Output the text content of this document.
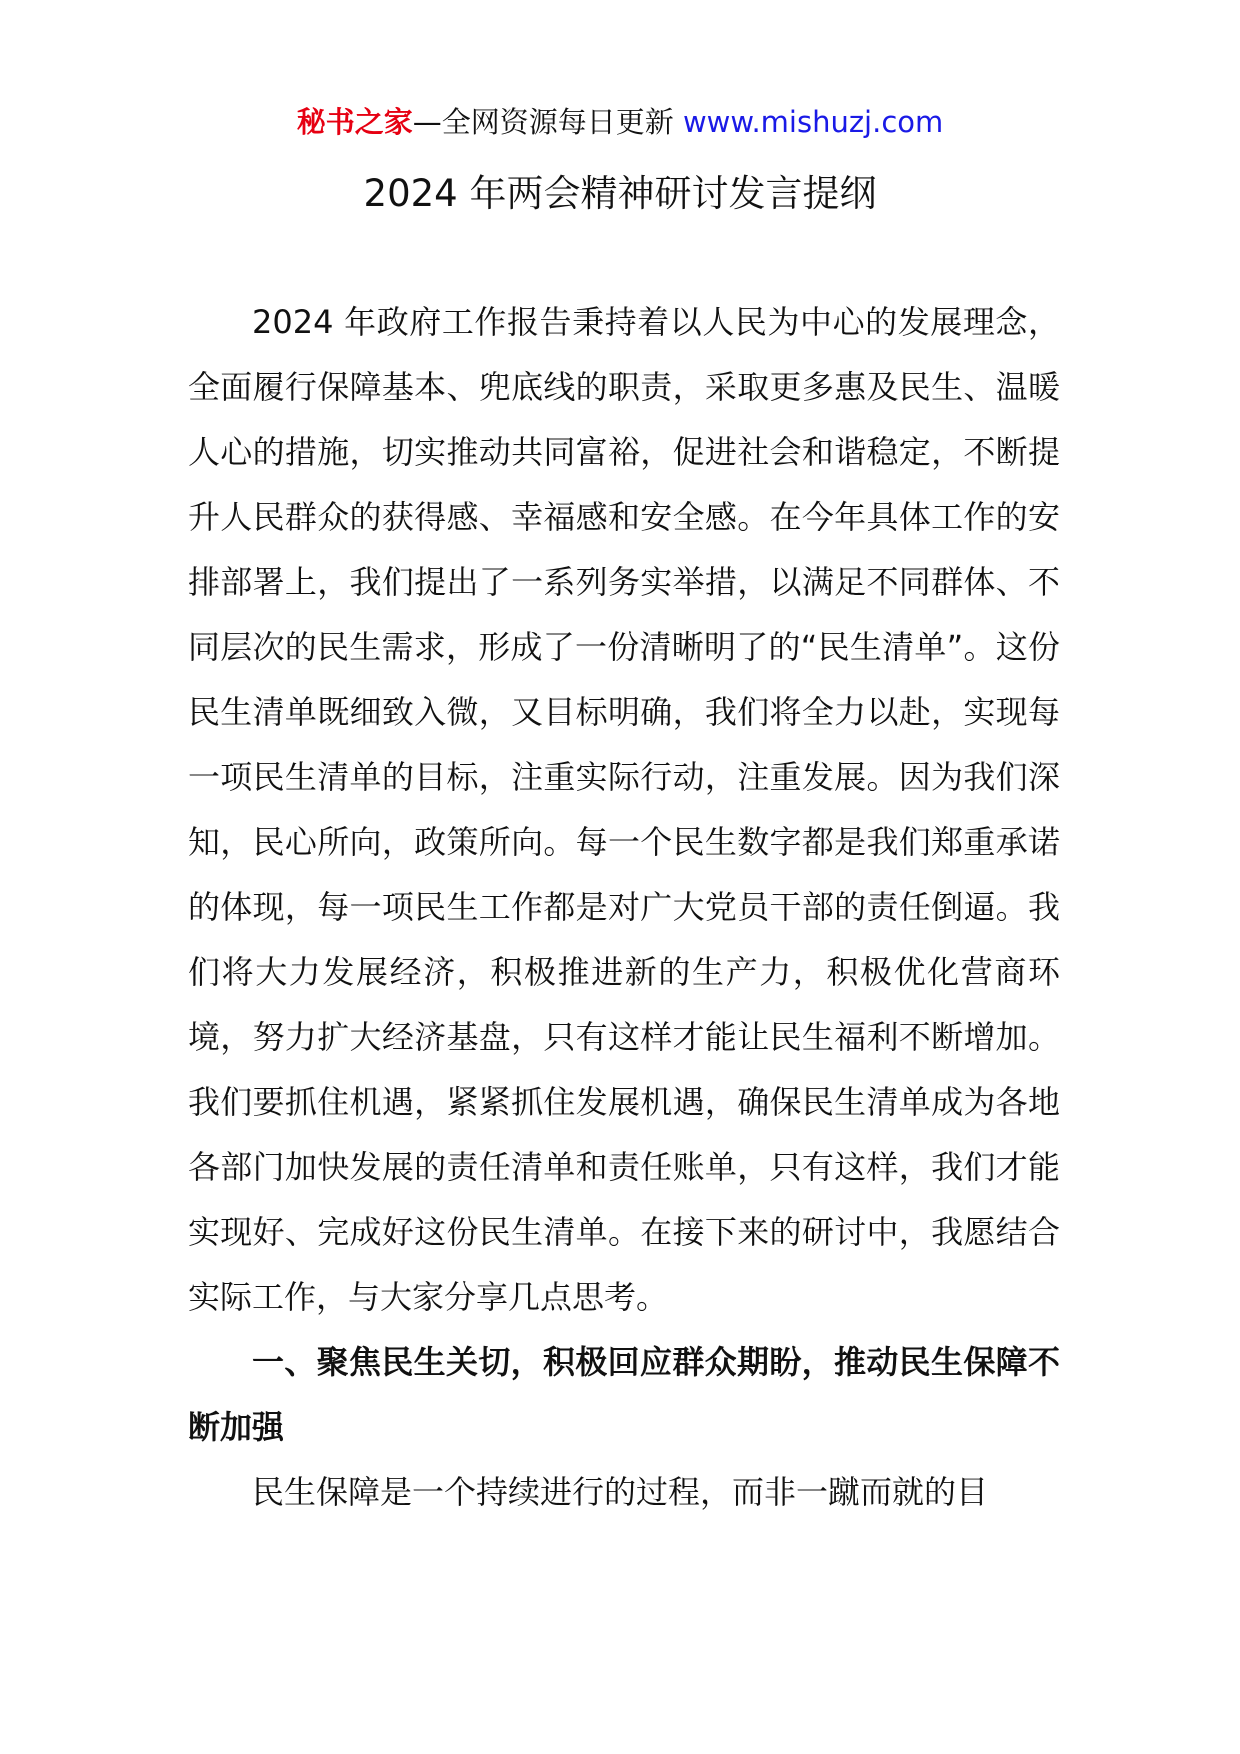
秘书之家—全网资源每日更新 www.mishuzj.com
2024 年两会精神研讨发言提纲

2024 年政府工作报告秉持着以人民为中心的发展理念，全面履行保障基本、兜底线的职责，采取更多惠及民生、温暖人心的措施，切实推动共同富裕，促进社会和谐稳定，不断提升人民群众的获得感、幸福感和安全感。在今年具体工作的安排部署上，我们提出了一系列务实举措，以满足不同群体、不同层次的民生需求，形成了一份清晰明了的“民生清单”。这份民生清单既细致入微，又目标明确，我们将全力以赴，实现每一项民生清单的目标，注重实际行动，注重发展。因为我们深知，民心所向，政策所向。每一个民生数字都是我们郑重承诺的体现，每一项民生工作都是对广大党员干部的责任倒逼。我们将大力发展经济，积极推进新的生产力，积极优化营商环境，努力扩大经济基盘，只有这样才能让民生福利不断增加。我们要抓住机遇，紧紧抓住发展机遇，确保民生清单成为各地各部门加快发展的责任清单和责任账单，只有这样，我们才能实现好、完成好这份民生清单。在接下来的研讨中，我愿结合实际工作，与大家分享几点思考。

一、聚焦民生关切，积极回应群众期盼，推动民生保障不断加强

民生保障是一个持续进行的过程，而非一蹴而就的目
